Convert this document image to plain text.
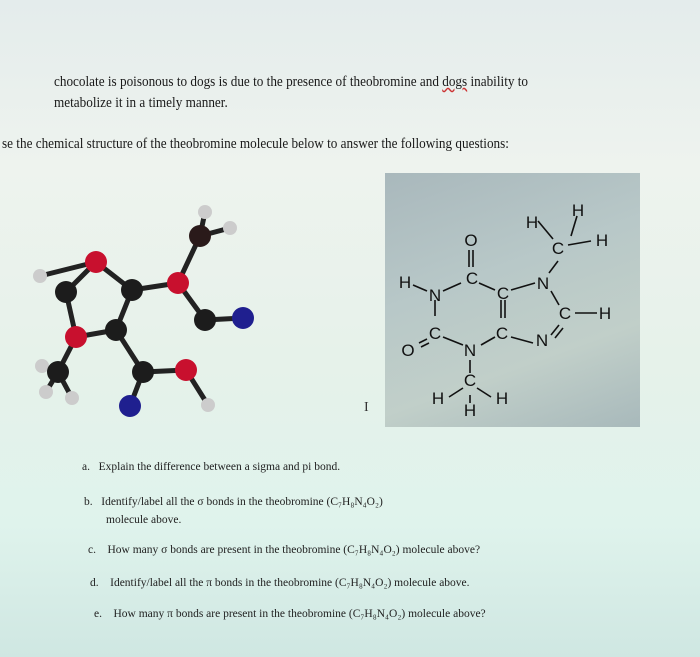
chocolate is poisonous to dogs is due to the presence of theobromine and dogs inability to
metabolize it in a timely manner.
se the chemical structure of the theobromine molecule below to answer the following questions:
H
H
C H
O
C
H
N	C
N
C H
C
O	N
C N
C
H	H
H
I
a. Explain the difference between a sigma and pi bond.
b. Identify/label all the σ bonds in the theobromine (C₇H₈N₄O₂)
molecule above.
c. How many σ bonds are present in the theobromine (C₇H₈N₄O₂) molecule above?
d. Identify/label all the π bonds in the theobromine (C₇H₈N₄O₂) molecule above.
e. How many π bonds are present in the theobromine (C₇H₈N₄O₂) molecule above?
